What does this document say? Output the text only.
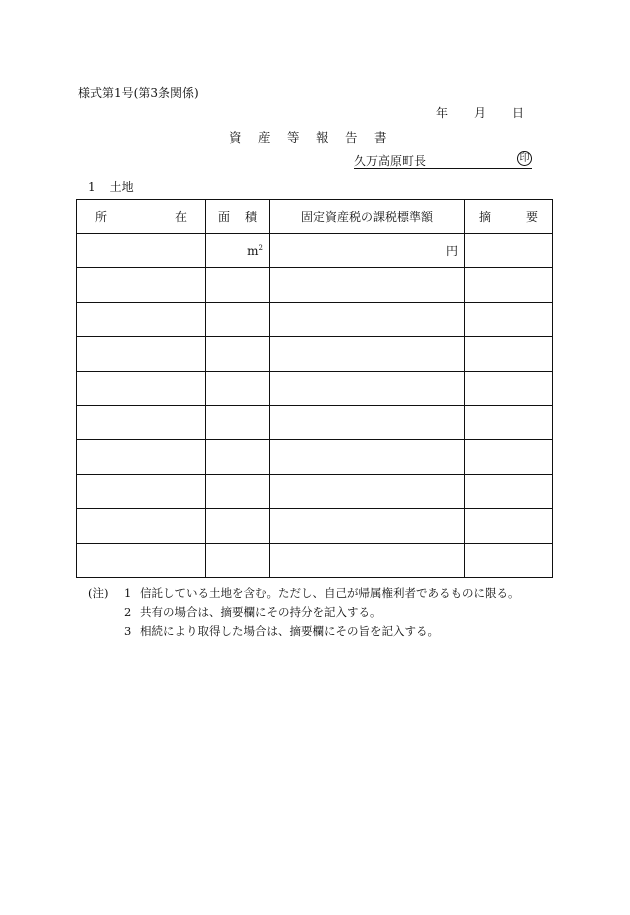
様式第1号(第3条関係)
年 月 日
資 産 等 報 告 書
久万高原町長	印
1 土地
所 在	面 積	固定資産税の課税標準額	摘 要

	$m^2$	円	

(注)	1 信託している土地を含む。ただし、自己が帰属権利者であるものに限る。
2 共有の場合は、摘要欄にその持分を記入する。
3 相続により取得した場合は、摘要欄にその旨を記入する。
